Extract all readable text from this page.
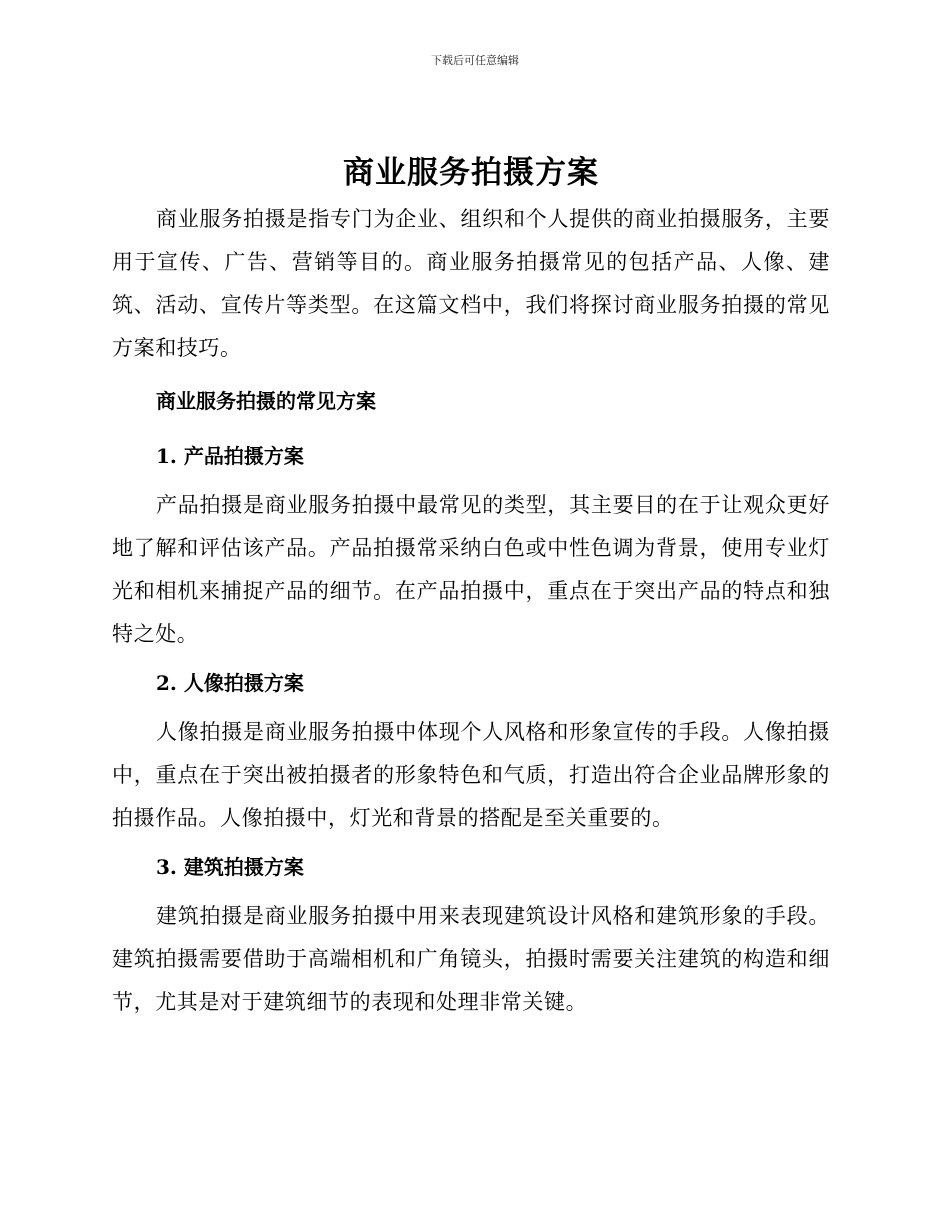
下载后可任意编辑
商业服务拍摄方案

商业服务拍摄是指专门为企业、组织和个人提供的商业拍摄服务，主要用于宣传、广告、营销等目的。商业服务拍摄常见的包括产品、人像、建筑、活动、宣传片等类型。在这篇文档中，我们将探讨商业服务拍摄的常见方案和技巧。

商业服务拍摄的常见方案
1. 产品拍摄方案

产品拍摄是商业服务拍摄中最常见的类型，其主要目的在于让观众更好地了解和评估该产品。产品拍摄常采纳白色或中性色调为背景，使用专业灯光和相机来捕捉产品的细节。在产品拍摄中，重点在于突出产品的特点和独特之处。

2. 人像拍摄方案

人像拍摄是商业服务拍摄中体现个人风格和形象宣传的手段。人像拍摄中，重点在于突出被拍摄者的形象特色和气质，打造出符合企业品牌形象的拍摄作品。人像拍摄中，灯光和背景的搭配是至关重要的。

3. 建筑拍摄方案

建筑拍摄是商业服务拍摄中用来表现建筑设计风格和建筑形象的手段。建筑拍摄需要借助于高端相机和广角镜头，拍摄时需要关注建筑的构造和细节，尤其是对于建筑细节的表现和处理非常关键。
